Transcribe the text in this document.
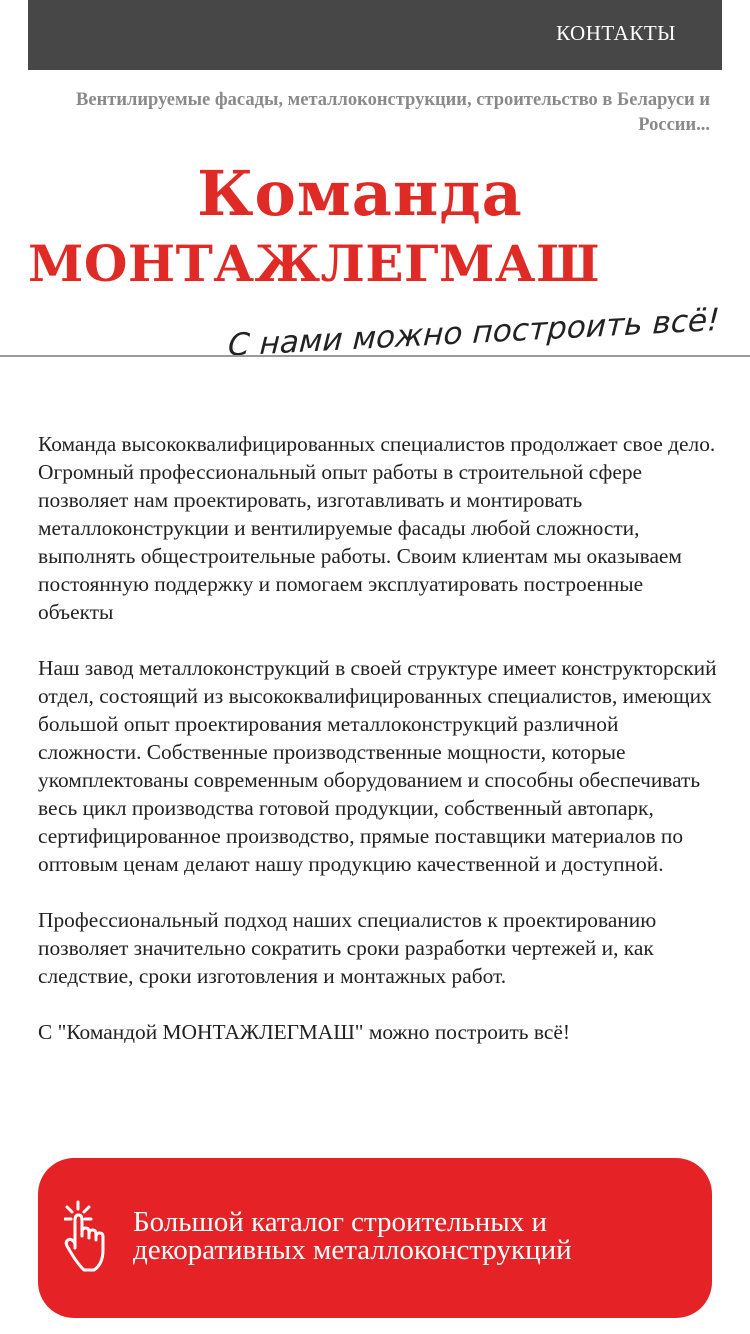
КОНТАКТЫ
Вентилируемые фасады, металлоконструкции, строительство в Беларуси и России...
Команда
МОНТАЖЛЕГМАШ
С нами можно построить всё!

Команда высококвалифицированных специалистов продолжает свое дело. Огромный профессиональный опыт работы в строительной сфере позволяет нам проектировать, изготавливать и монтировать металлоконструкции и вентилируемые фасады любой сложности, выполнять общестроительные работы. Своим клиентам мы оказываем постоянную поддержку и помогаем эксплуатировать построенные объекты

Наш завод металлоконструкций в своей структуре имеет конструкторский отдел, состоящий из высококвалифицированных специалистов, имеющих большой опыт проектирования металлоконструкций различной сложности. Собственные производственные мощности, которые укомплектованы современным оборудованием и способны обеспечивать весь цикл производства готовой продукции, собственный автопарк, сертифицированное производство, прямые поставщики материалов по оптовым ценам делают нашу продукцию качественной и доступной.

Профессиональный подход наших специалистов к проектированию позволяет значительно сократить сроки разработки чертежей и, как следствие, сроки изготовления и монтажных работ.

С "Командой МОНТАЖЛЕГМАШ" можно построить всё!

Большой каталог строительных и декоративных металлоконструкций
